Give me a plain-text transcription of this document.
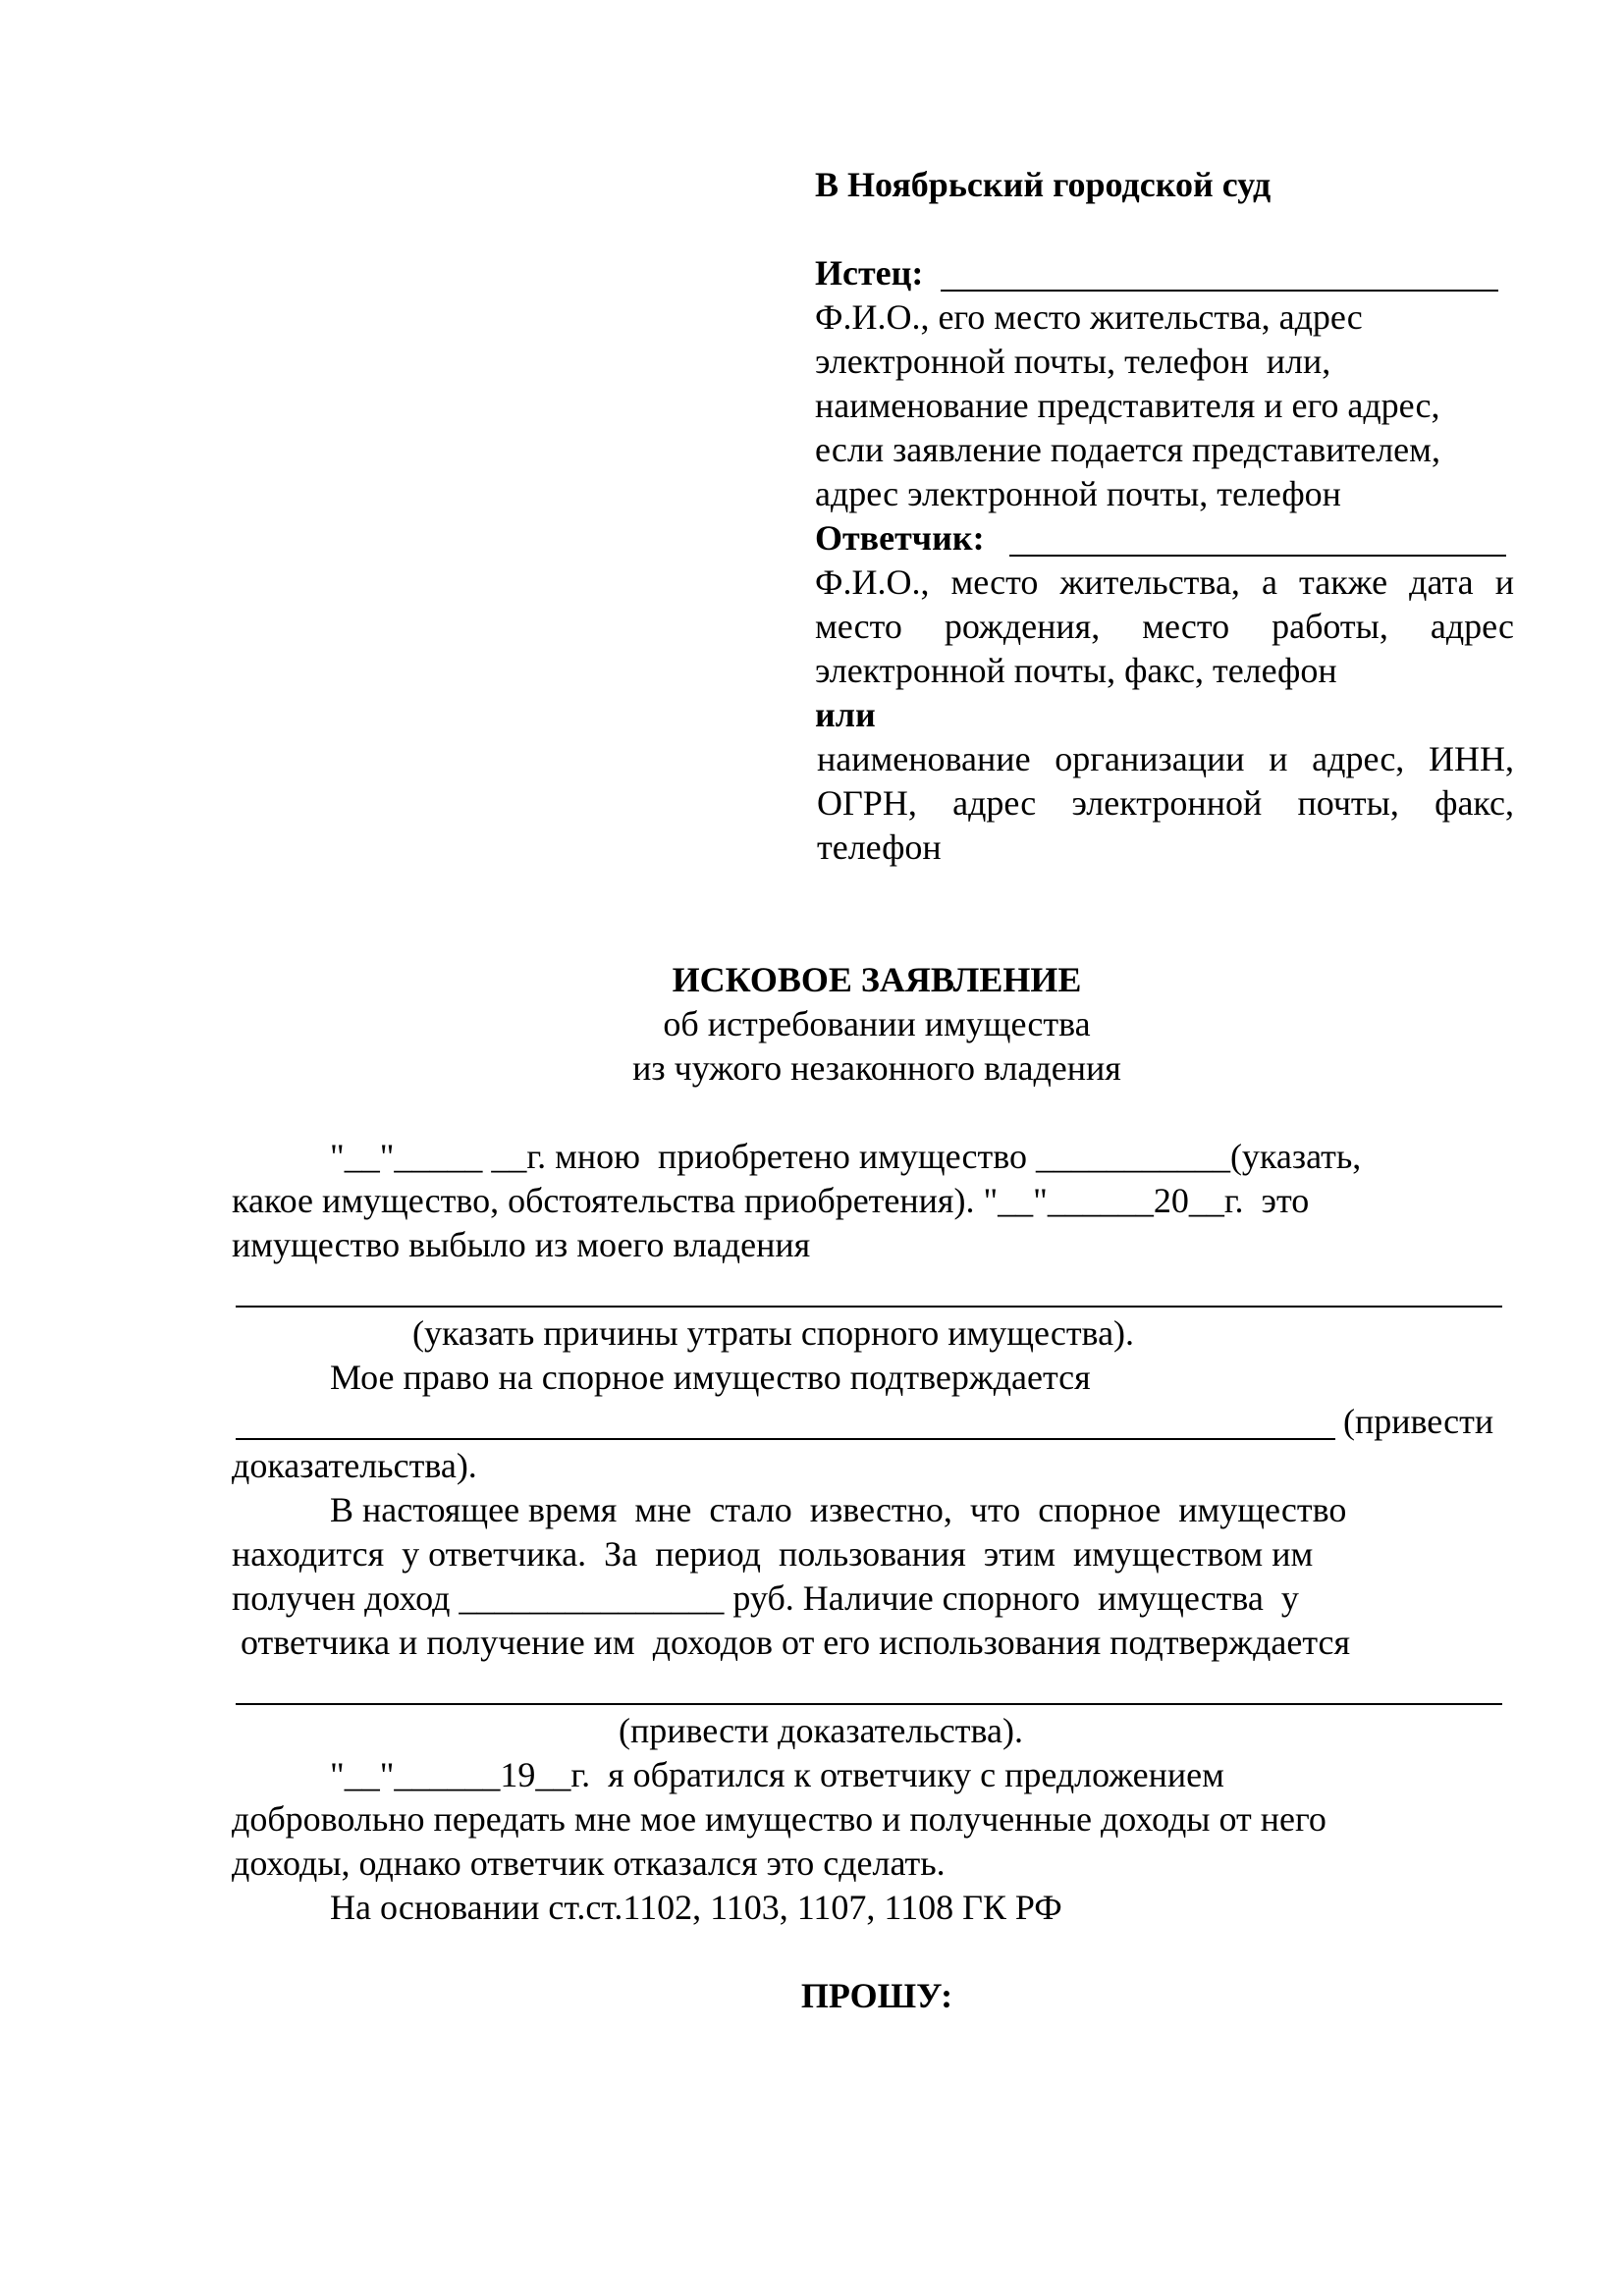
В Ноябрьский городской суд
Истец:
Ф.И.О., его место жительства, адрес
электронной почты, телефон  или,
наименование представителя и его адрес,
если заявление подается представителем,
адрес электронной почты, телефон
Ответчик:
Ф.И.О., место жительства, а также дата и
место рождения, место работы, адрес
электронной почты, факс, телефон
или
наименование организации и адрес, ИНН,
ОГРН, адрес электронной почты, факс,
телефон
ИСКОВОЕ ЗАЯВЛЕНИЕ
об истребовании имущества
из чужого незаконного владения
"__"_____ __г. мною  приобретено имущество ___________(указать,
какое имущество, обстоятельства приобретения). "__"______20__г.  это
имущество выбыло из моего владения
(указать причины утраты спорного имущества).
Мое право на спорное имущество подтверждается
(привести
доказательства).
В настоящее время  мне  стало  известно,  что  спорное  имущество
находится  у ответчика.  За  период  пользования  этим  имуществом им
получен доход _______________ руб. Наличие спорного  имущества  у
ответчика и получение им  доходов от его использования подтверждается
(привести доказательства).
"__"______19__г.  я обратился к ответчику с предложением
добровольно передать мне мое имущество и полученные доходы от него
доходы, однако ответчик отказался это сделать.
На основании ст.ст.1102, 1103, 1107, 1108 ГК РФ
ПРОШУ:
